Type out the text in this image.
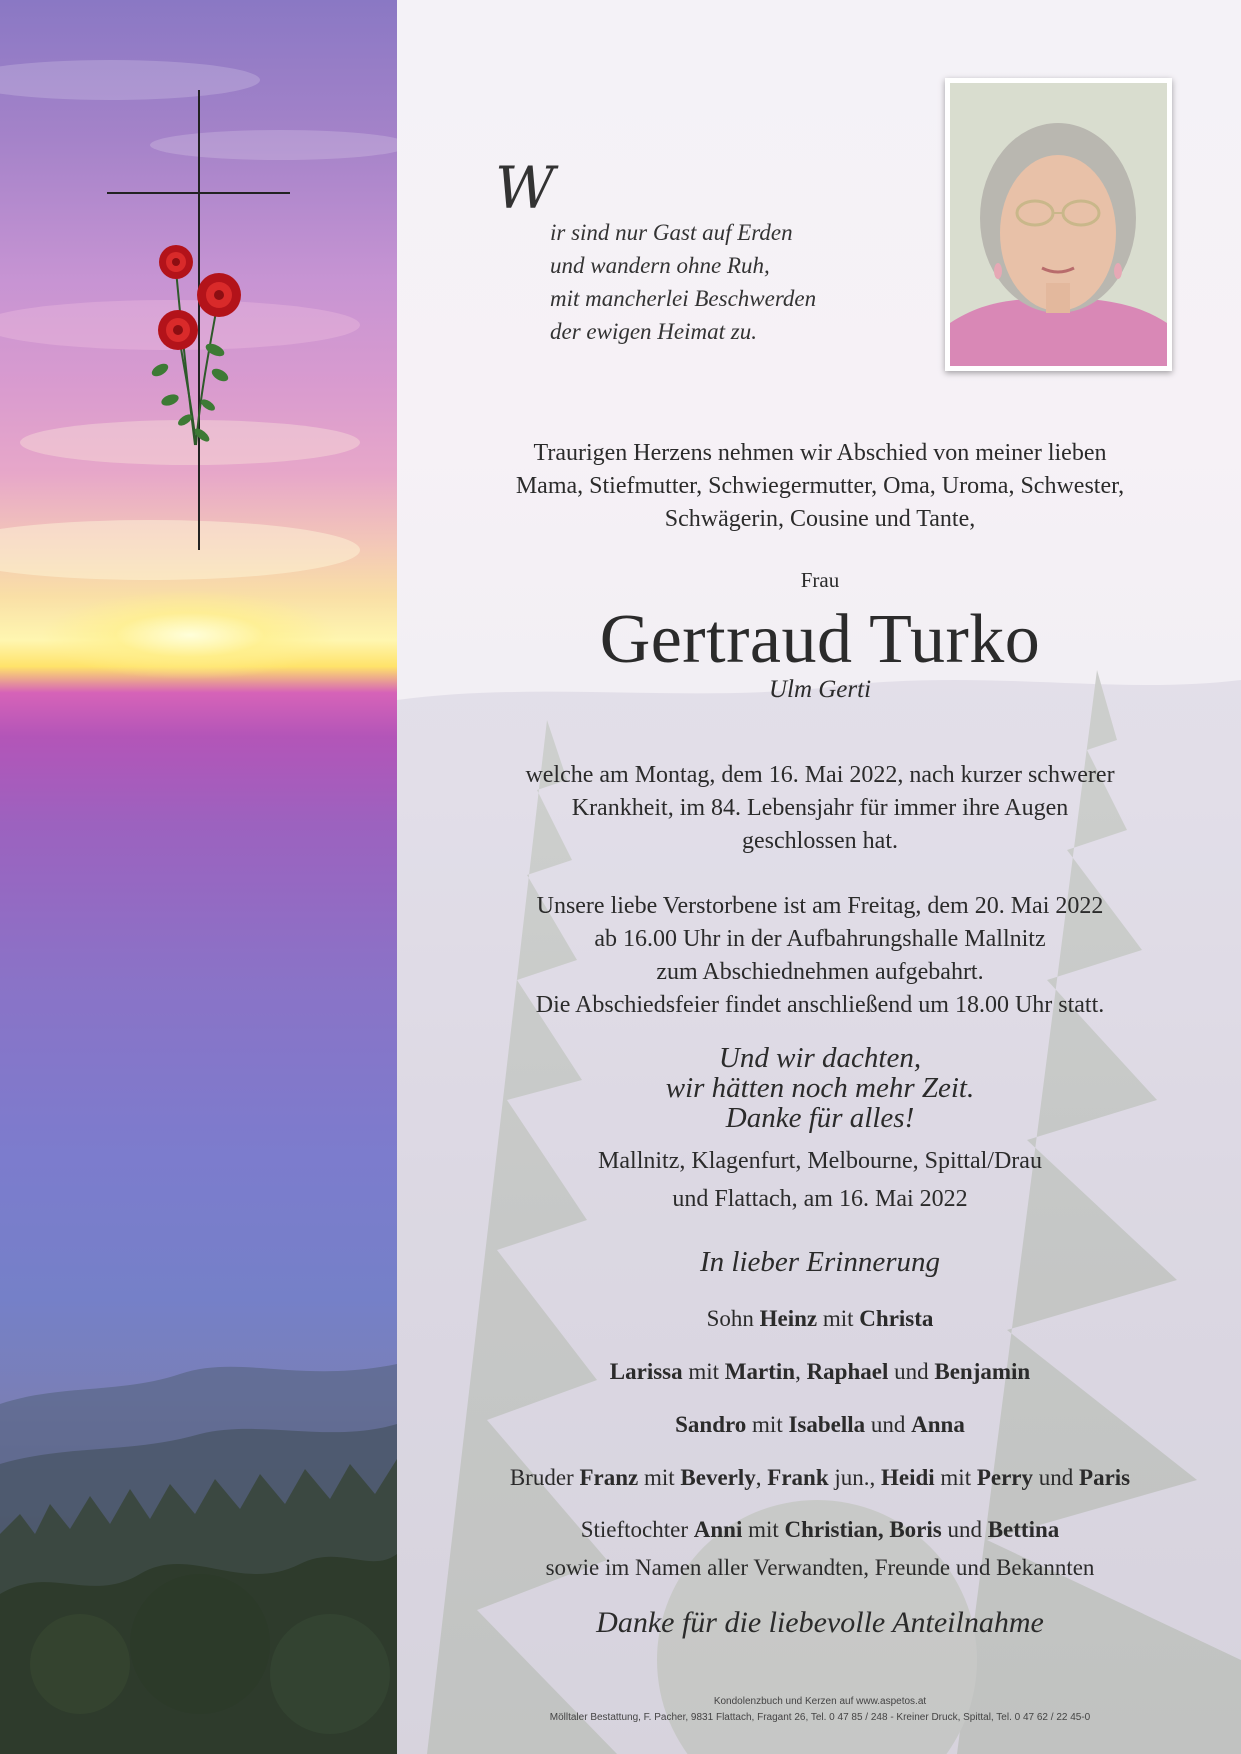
W
ir sind nur Gast auf Erden
und wandern ohne Ruh,
mit mancherlei Beschwerden
der ewigen Heimat zu.
Traurigen Herzens nehmen wir Abschied von meiner lieben
Mama, Stiefmutter, Schwiegermutter, Oma, Uroma, Schwester,
Schwägerin, Cousine und Tante,
Frau
Gertraud Turko
Ulm Gerti
welche am Montag, dem 16. Mai 2022, nach kurzer schwerer
Krankheit, im 84. Lebensjahr für immer ihre Augen
geschlossen hat.
Unsere liebe Verstorbene ist am Freitag, dem 20. Mai 2022
ab 16.00 Uhr in der Aufbahrungshalle Mallnitz
zum Abschiednehmen aufgebahrt.
Die Abschiedsfeier findet anschließend um 18.00 Uhr statt.
Und wir dachten,
wir hätten noch mehr Zeit.
Danke für alles!
Mallnitz, Klagenfurt, Melbourne, Spittal/Drau
und Flattach, am 16. Mai 2022
In lieber Erinnerung
Sohn Heinz mit Christa
Larissa mit Martin, Raphael und Benjamin
Sandro mit Isabella und Anna
Bruder Franz mit Beverly, Frank jun., Heidi mit Perry und Paris
Stieftochter Anni mit Christian, Boris und Bettina
sowie im Namen aller Verwandten, Freunde und Bekannten
Danke für die liebevolle Anteilnahme
Kondolenzbuch und Kerzen auf www.aspetos.at
Mölltaler Bestattung, F. Pacher, 9831 Flattach, Fragant 26, Tel. 0 47 85 / 248 - Kreiner Druck, Spittal, Tel. 0 47 62 / 22 45-0
